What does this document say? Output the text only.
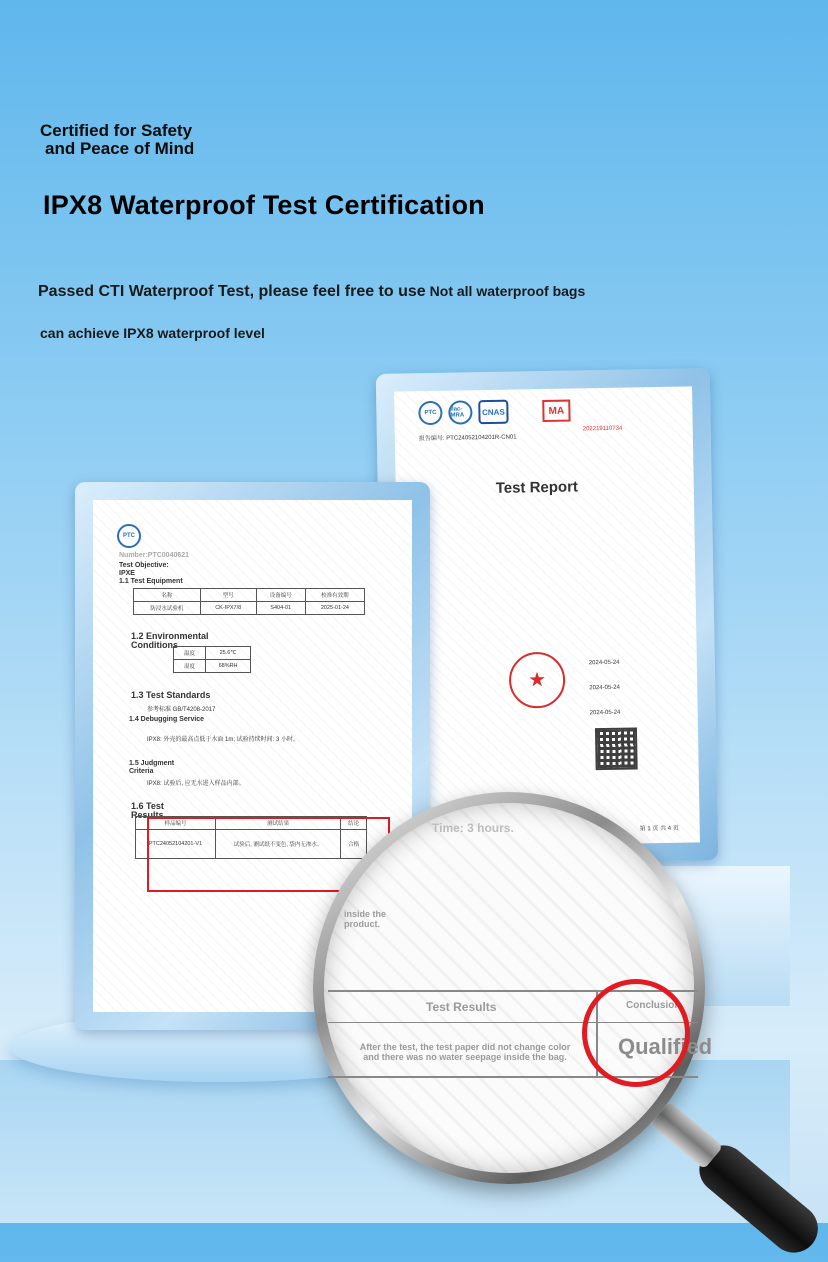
Certified for Safety
and Peace of Mind
IPX8 Waterproof Test Certification
Passed CTI Waterproof Test, please feel free to use Not all waterproof bags
can achieve IPX8 waterproof level
PTC
ilac-MRA	CNAS	MA
报告编号: PTC24052104201R-CN01
202219110734
Test Report
2024-05-24
2024-05-24
2024-05-24
★
第 1 页 共 4 页
PTC
Number:PTC0040621
Test Objective:
IPXE
1.1 Test Equipment
名称	型号	设备编号	校准有效期
防浸水试验机	CK-IPX7/8	S404-01	2025-01-24
1.2 Environmental Conditions
温度	25.6℃
湿度	68%RH
1.3 Test Standards
参考标准 GB/T4208-2017
1.4 Debugging Service
IPX8: 外壳的最高点低于水面 1m; 试验持续时间: 3 小时。
1.5 Judgment Criteria
IPX8: 试验后, 应无水进入样品内部。
1.6 Test Results
样品编号	测试结果	结论
PTC24052104201-V1	试验后, 测试纸不变色, 袋内无渗水。	合格
Time: 3 hours.
inside the
product.
Test Results	Conclusion
After the test, the test paper did not change color
and there was no water seepage inside the bag.	Qualified
